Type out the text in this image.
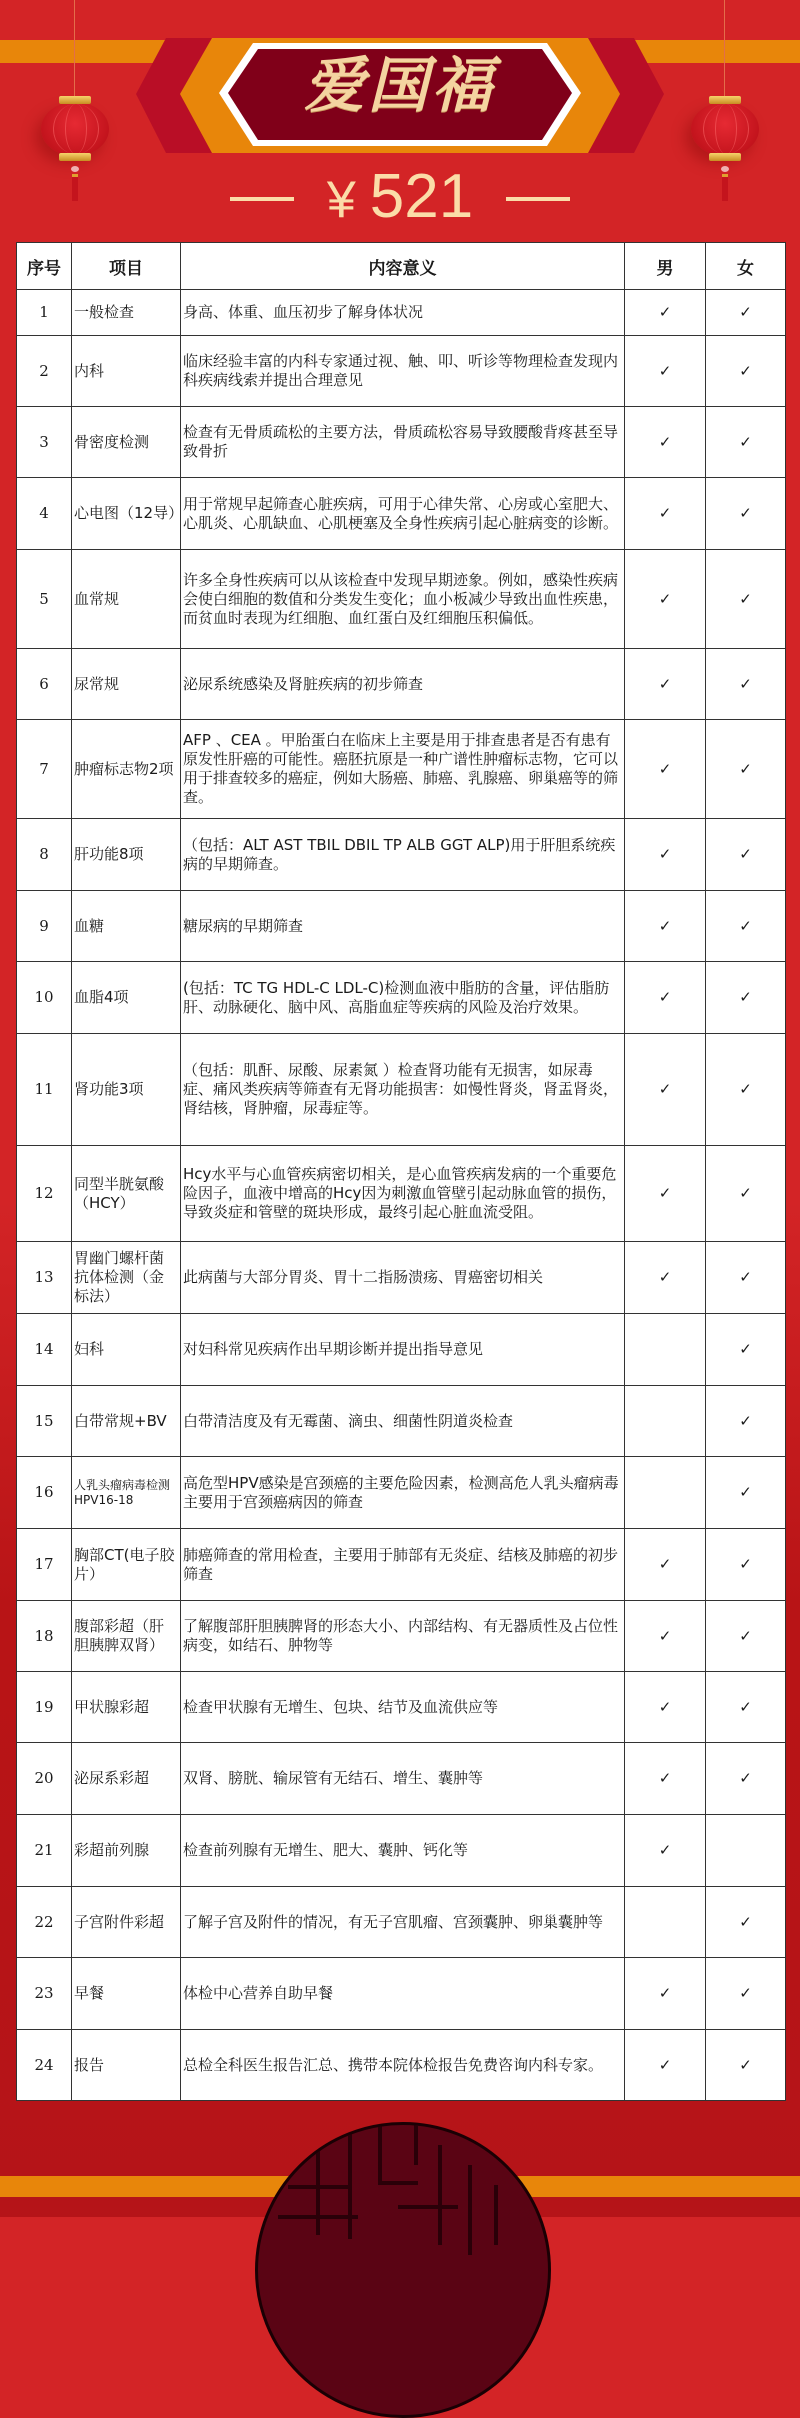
爱国福
¥ 521
序号	项目	内容意义	男	女
1	一般检查	身高、体重、血压初步了解身体状况	✓	✓
2	内科	临床经验丰富的内科专家通过视、触、叩、听诊等物理检查发现内科疾病线索并提出合理意见	✓	✓
3	骨密度检测	检查有无骨质疏松的主要方法，骨质疏松容易导致腰酸背疼甚至导致骨折	✓	✓
4	心电图（12导）	用于常规早起筛查心脏疾病，可用于心律失常、心房或心室肥大、心肌炎、心肌缺血、心肌梗塞及全身性疾病引起心脏病变的诊断。	✓	✓
5	血常规	许多全身性疾病可以从该检查中发现早期迹象。例如，感染性疾病会使白细胞的数值和分类发生变化；血小板减少导致出血性疾患，而贫血时表现为红细胞、血红蛋白及红细胞压积偏低。	✓	✓
6	尿常规	泌尿系统感染及肾脏疾病的初步筛查	✓	✓
7	肿瘤标志物2项	AFP 、CEA 。甲胎蛋白在临床上主要是用于排查患者是否有患有原发性肝癌的可能性。癌胚抗原是一种广谱性肿瘤标志物，它可以用于排查较多的癌症，例如大肠癌、肺癌、乳腺癌、卵巢癌等的筛查。	✓	✓
8	肝功能8项	（包括：ALT AST TBIL DBIL TP ALB GGT ALP)用于肝胆系统疾病的早期筛查。	✓	✓
9	血糖	糖尿病的早期筛查	✓	✓
10	血脂4项	(包括：TC TG HDL-C LDL-C)检测血液中脂肪的含量，评估脂肪肝、动脉硬化、脑中风、高脂血症等疾病的风险及治疗效果。	✓	✓
11	肾功能3项	（包括：肌酐、尿酸、尿素氮 ）检查肾功能有无损害，如尿毒症、痛风类疾病等筛查有无肾功能损害：如慢性肾炎，肾盂肾炎，肾结核，肾肿瘤，尿毒症等。	✓	✓
12	同型半胱氨酸（HCY）	Hcy水平与心血管疾病密切相关，是心血管疾病发病的一个重要危险因子，血液中增高的Hcy因为刺激血管壁引起动脉血管的损伤，导致炎症和管壁的斑块形成，最终引起心脏血流受阻。	✓	✓
13	胃幽门螺杆菌抗体检测（金标法）	此病菌与大部分胃炎、胃十二指肠溃疡、胃癌密切相关	✓	✓
14	妇科	对妇科常见疾病作出早期诊断并提出指导意见		✓
15	白带常规+BV	白带清洁度及有无霉菌、滴虫、细菌性阴道炎检查		✓
16	人乳头瘤病毒检测HPV16-18	高危型HPV感染是宫颈癌的主要危险因素，检测高危人乳头瘤病毒主要用于宫颈癌病因的筛查		✓
17	胸部CT(电子胶片）	肺癌筛查的常用检查，主要用于肺部有无炎症、结核及肺癌的初步筛查	✓	✓
18	腹部彩超（肝胆胰脾双肾）	了解腹部肝胆胰脾肾的形态大小、内部结构、有无器质性及占位性病变，如结石、肿物等	✓	✓
19	甲状腺彩超	检查甲状腺有无增生、包块、结节及血流供应等	✓	✓
20	泌尿系彩超	双肾、膀胱、输尿管有无结石、增生、囊肿等	✓	✓
21	彩超前列腺	检查前列腺有无增生、肥大、囊肿、钙化等	✓	
22	子宫附件彩超	了解子宫及附件的情况，有无子宫肌瘤、宫颈囊肿、卵巢囊肿等		✓
23	早餐	体检中心营养自助早餐	✓	✓
24	报告	总检全科医生报告汇总、携带本院体检报告免费咨询内科专家。	✓	✓
